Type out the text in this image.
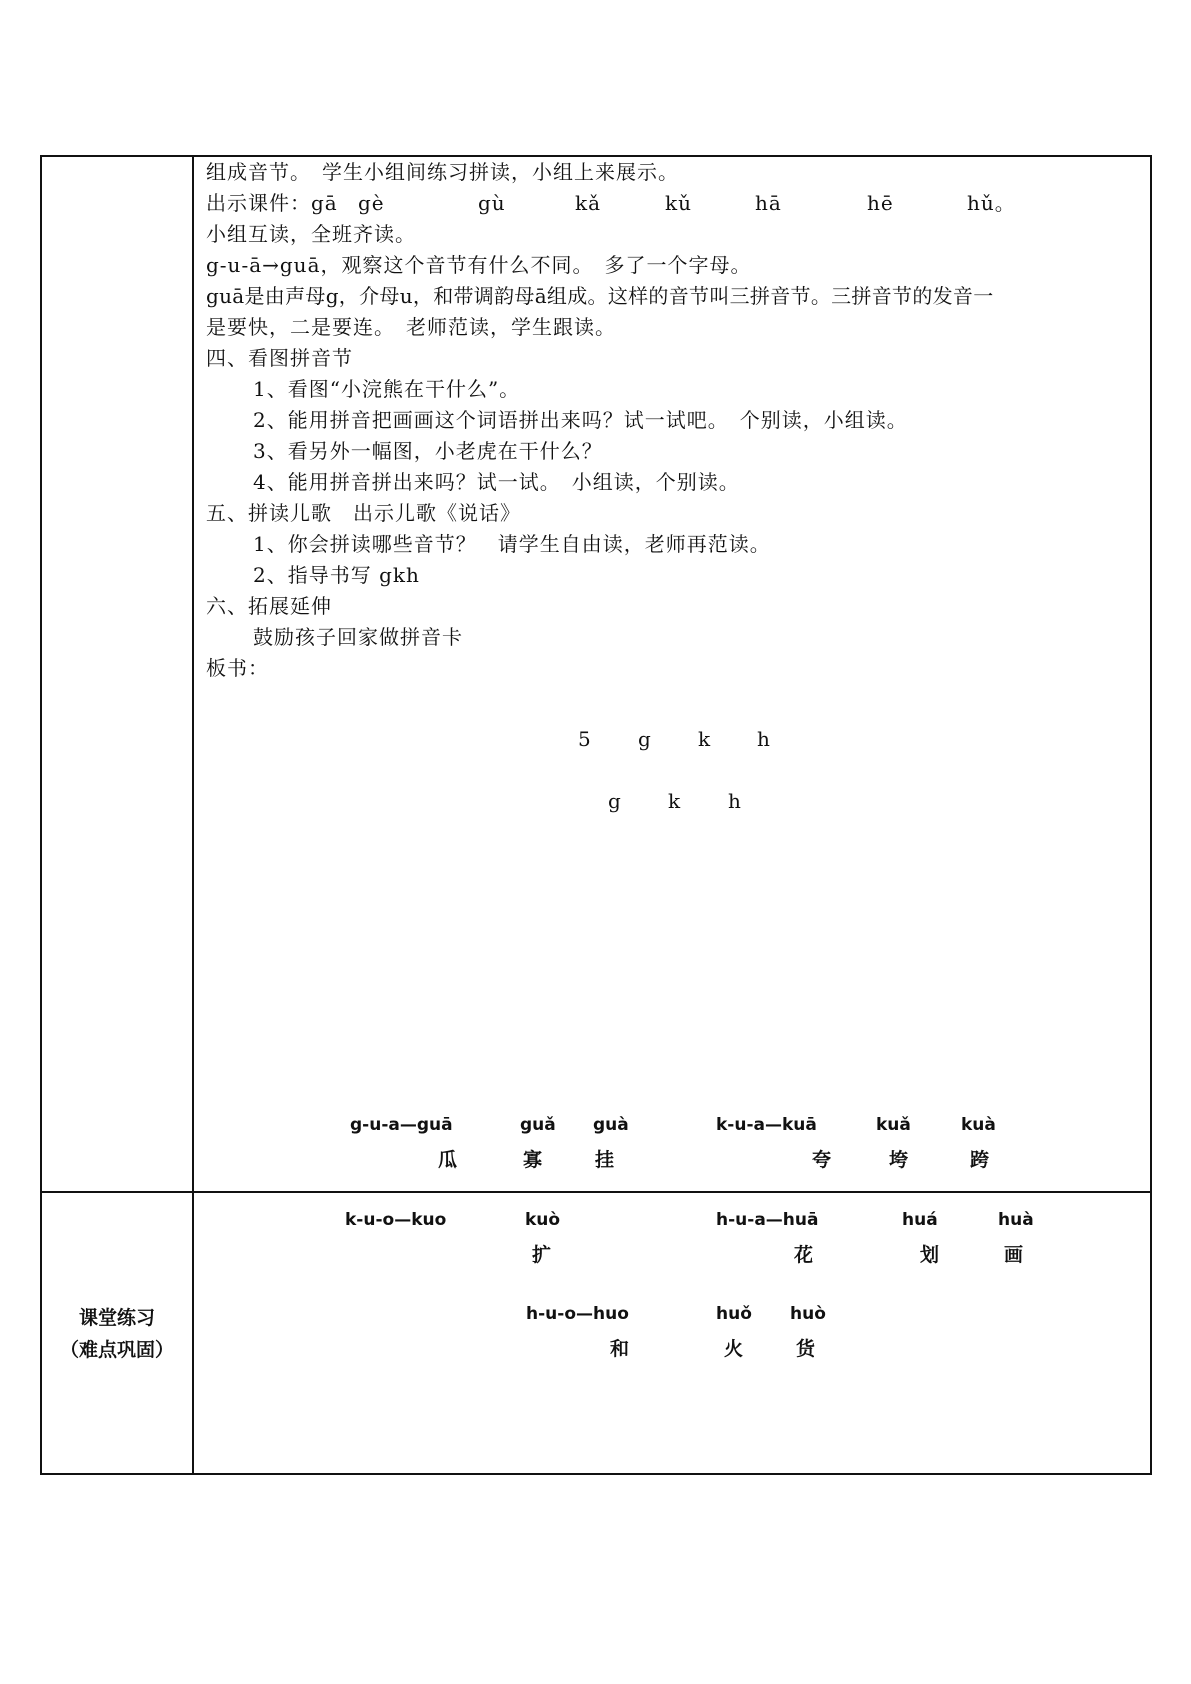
组成音节。　学生小组间练习拼读，小组上来展示。
出示课件：gā	gè	gù	kǎ	kǔ	hā	hē	hǔ。
小组互读，全班齐读。
g-u-ā→guā，观察这个音节有什么不同。　多了一个字母。
guā是由声母g，介母u，和带调韵母ā组成。这样的音节叫三拼音节。三拼音节的发音一
是要快，二是要连。　老师范读，学生跟读。
四、看图拼音节
1、看图“小浣熊在干什么”。
2、能用拼音把画画这个词语拼出来吗？试一试吧。　个别读，小组读。
3、看另外一幅图，小老虎在干什么？
4、能用拼音拼出来吗？试一试。　小组读，个别读。
五、拼读儿歌　出示儿歌《说话》
1、你会拼读哪些音节？　请学生自由读，老师再范读。
2、指导书写 gkh
六、拓展延伸
鼓励孩子回家做拼音卡
板书：
5 g k h
g k h
课堂练习
（难点巩固）
g-u-a—guā	guǎ guà	k-u-a—kuā	kuǎ	kuà
瓜	寡	挂	夸	垮	跨
k-u-o—kuo	kuò	h-u-a—huā	huá	huà
扩	花	划	画
h-u-o—huo	huǒ huò
和	火	货
